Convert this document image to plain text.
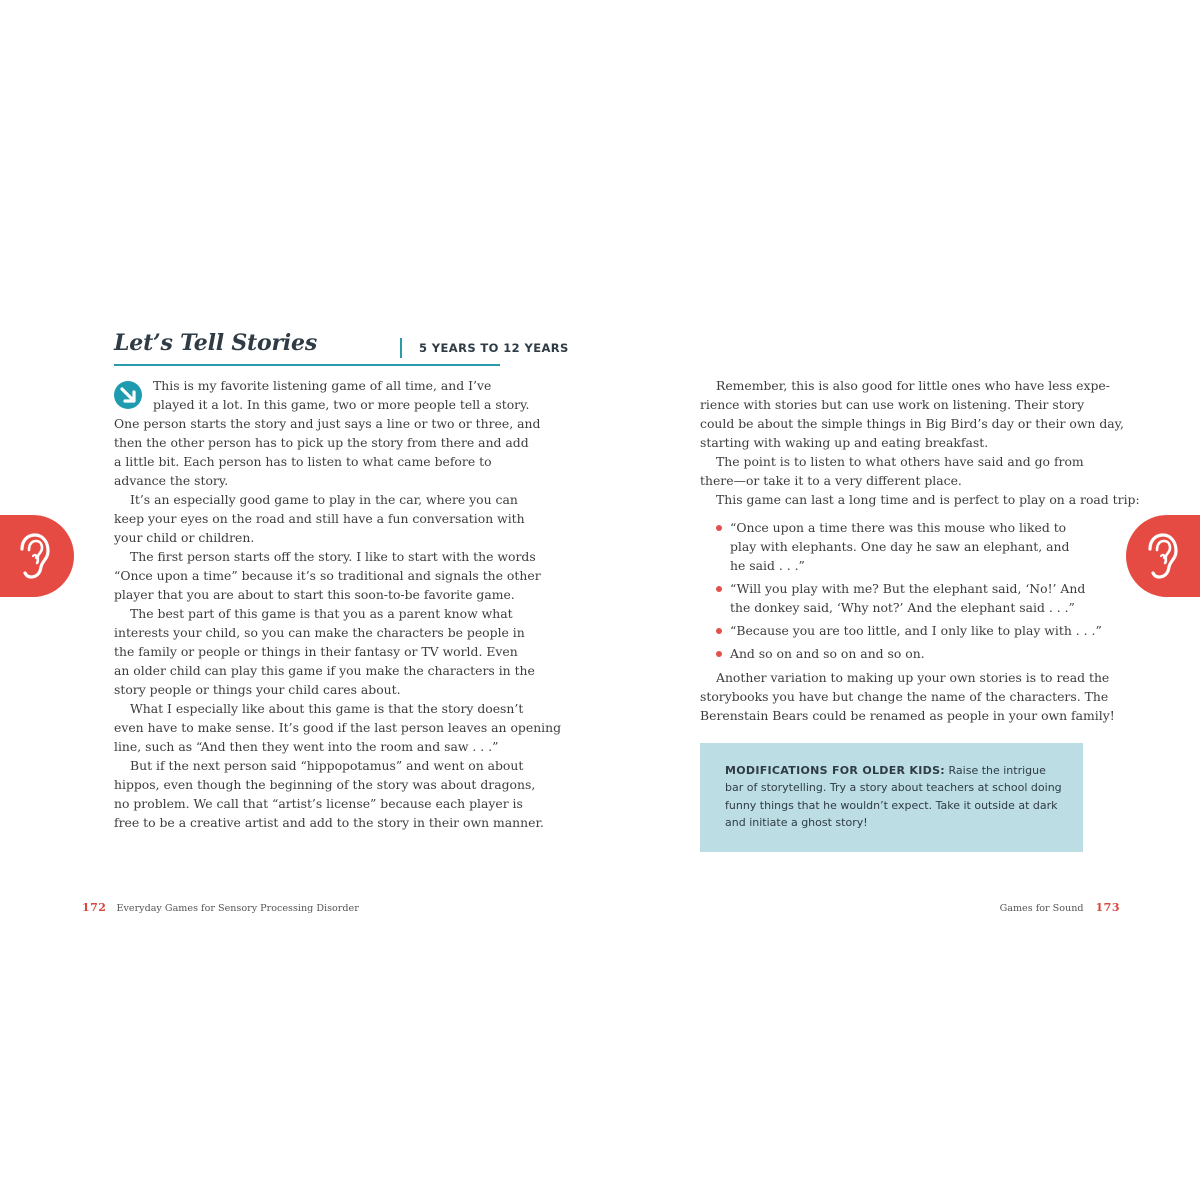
Let’s Tell Stories	5 YEARS TO 12 YEARS
This is my favorite listening game of all time, and I’ve
played it a lot. In this game, two or more people tell a story.
One person starts the story and just says a line or two or three, and
then the other person has to pick up the story from there and add
a little bit. Each person has to listen to what came before to
advance the story.
It’s an especially good game to play in the car, where you can
keep your eyes on the road and still have a fun conversation with
your child or children.
The first person starts off the story. I like to start with the words
“Once upon a time” because it’s so traditional and signals the other
player that you are about to start this soon-to-be favorite game.
The best part of this game is that you as a parent know what
interests your child, so you can make the characters be people in
the family or people or things in their fantasy or TV world. Even
an older child can play this game if you make the characters in the
story people or things your child cares about.
What I especially like about this game is that the story doesn’t
even have to make sense. It’s good if the last person leaves an opening
line, such as “And then they went into the room and saw . . .”
But if the next person said “hippopotamus” and went on about
hippos, even though the beginning of the story was about dragons,
no problem. We call that “artist’s license” because each player is
free to be a creative artist and add to the story in their own manner.
172 Everyday Games for Sensory Processing Disorder
Remember, this is also good for little ones who have less expe-
rience with stories but can use work on listening. Their story
could be about the simple things in Big Bird’s day or their own day,
starting with waking up and eating breakfast.
The point is to listen to what others have said and go from
there—or take it to a very different place.
This game can last a long time and is perfect to play on a road trip:
“Once upon a time there was this mouse who liked to
play with elephants. One day he saw an elephant, and
he said . . .”
“Will you play with me? But the elephant said, ‘No!’ And
the donkey said, ‘Why not?’ And the elephant said . . .”
“Because you are too little, and I only like to play with . . .”
And so on and so on and so on.
Another variation to making up your own stories is to read the
storybooks you have but change the name of the characters. The
Berenstain Bears could be renamed as people in your own family!
MODIFICATIONS FOR OLDER KIDS: Raise the intrigue bar of storytelling. Try a story about teachers at school doing funny things that he wouldn’t expect. Take it outside at dark and initiate a ghost story!
Games for Sound 173
